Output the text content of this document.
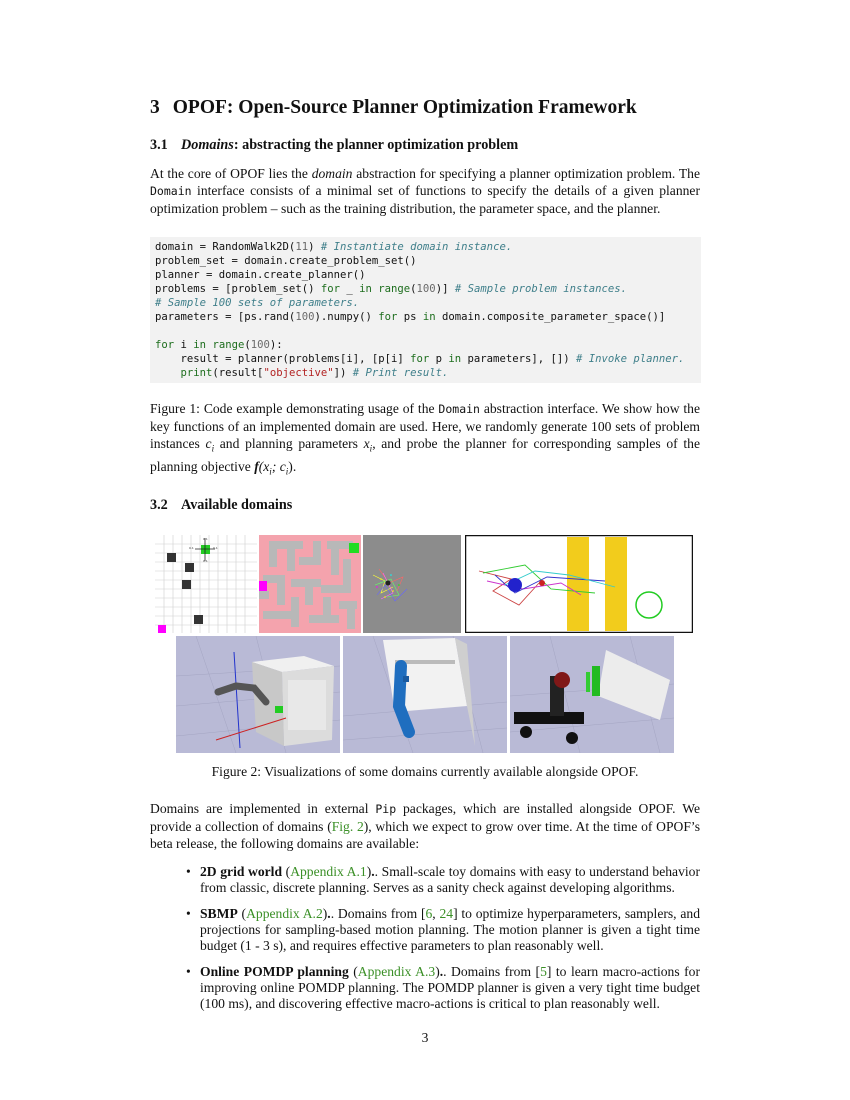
3 OPOF: Open-Source Planner Optimization Framework
3.1 Domains: abstracting the planner optimization problem
At the core of OPOF lies the domain abstraction for specifying a planner optimization problem. The Domain interface consists of a minimal set of functions to specify the details of a given planner optimization problem – such as the training distribution, the parameter space, and the planner.
domain = RandomWalk2D(11) # Instantiate domain instance.
problem_set = domain.create_problem_set()
planner = domain.create_planner()
problems = [problem_set() for _ in range(100)] # Sample problem instances.
# Sample 100 sets of parameters.
parameters = [ps.rand(100).numpy() for ps in domain.composite_parameter_space()]
for i in range(100):
result = planner(problems[i], [p[i] for p in parameters], []) # Invoke planner.
print(result["objective"]) # Print result.
Figure 1: Code example demonstrating usage of the Domain abstraction interface. We show how the key functions of an implemented domain are used. Here, we randomly generate 100 sets of problem instances $c_i$ and planning parameters $x_i$, and probe the planner for corresponding samples of the planning objective $f(x_i$; $c_i$).
3.2 Available domains
0.1
0.1	0.1
0.1
Figure 2: Visualizations of some domains currently available alongside OPOF.
Domains are implemented in external Pip packages, which are installed alongside OPOF. We provide a collection of domains (Fig. 2), which we expect to grow over time. At the time of OPOF’s beta release, the following domains are available:
• 2D grid world (Appendix A.1).. Small-scale toy domains with easy to understand behavior from classic, discrete planning. Serves as a sanity check against developing algorithms.
• SBMP (Appendix A.2).. Domains from [6, 24] to optimize hyperparameters, samplers, and projections for sampling-based motion planning. The motion planner is given a tight time budget (1 - 3 s), and requires effective parameters to plan reasonably well.
• Online POMDP planning (Appendix A.3).. Domains from [5] to learn macro-actions for improving online POMDP planning. The POMDP planner is given a very tight time budget (100 ms), and discovering effective macro-actions is critical to plan reasonably well.
3
